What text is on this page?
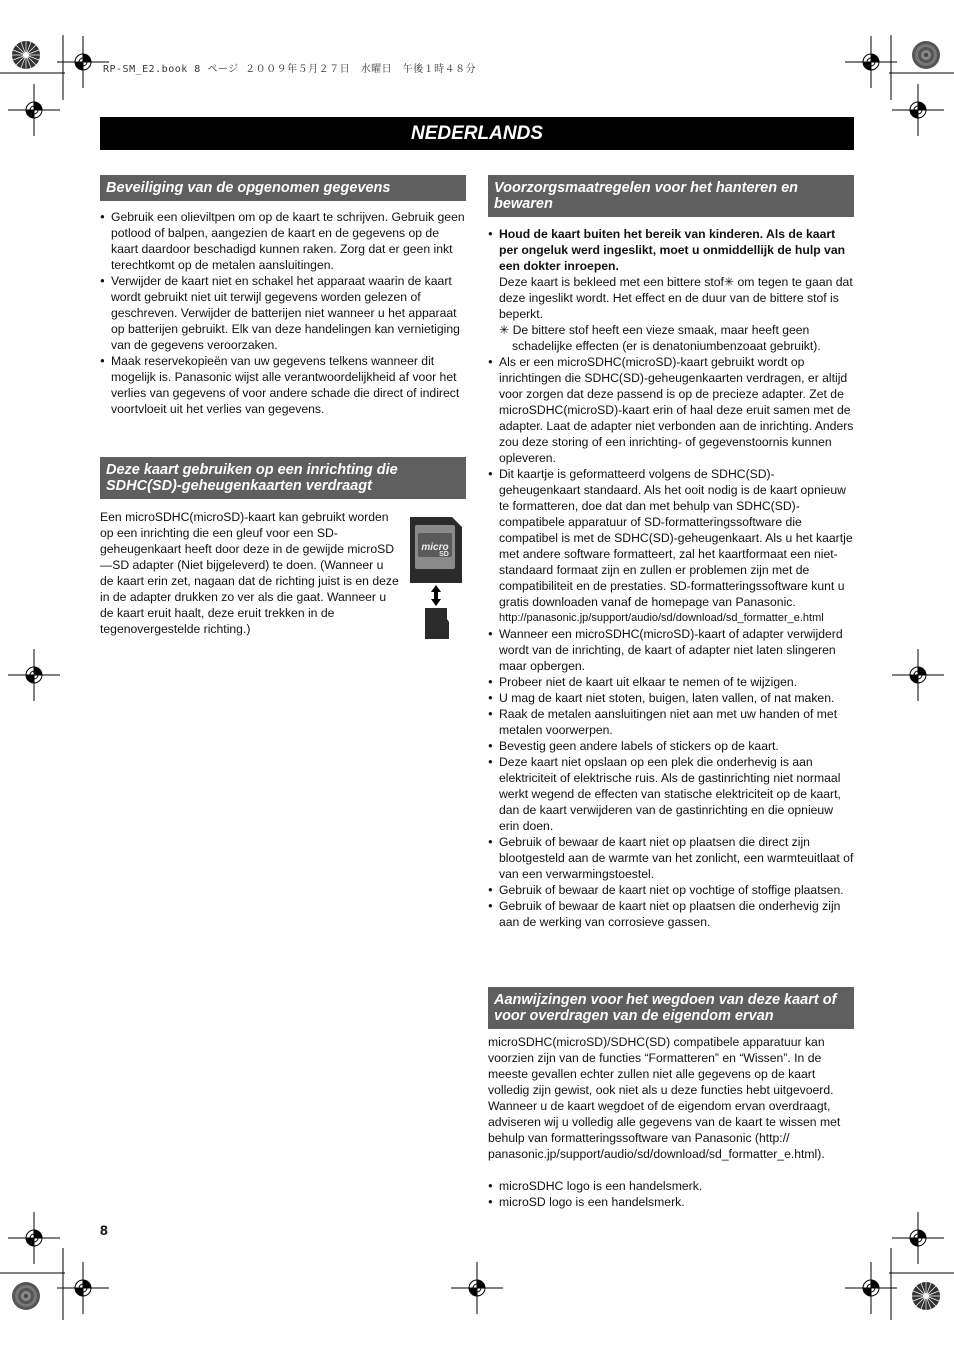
RP-SM_E2.book 8 ページ ２００９年５月２７日　水曜日　午後１時４８分
NEDERLANDS
Beveiliging van de opgenomen gegevens
● Gebruik een olieviltpen om op de kaart te schrijven. Gebruik geen potlood of balpen, aangezien de kaart en de gegevens op de kaart daardoor beschadigd kunnen raken. Zorg dat er geen inkt terechtkomt op de metalen aansluitingen.
● Verwijder de kaart niet en schakel het apparaat waarin de kaart wordt gebruikt niet uit terwijl gegevens worden gelezen of geschreven. Verwijder de batterijen niet wanneer u het apparaat op batterijen gebruikt. Elk van deze handelingen kan vernietiging van de gegevens veroorzaken.
● Maak reservekopieën van uw gegevens telkens wanneer dit mogelijk is. Panasonic wijst alle verantwoordelijkheid af voor het verlies van gegevens of voor andere schade die direct of indirect voortvloeit uit het verlies van gegevens.
Deze kaart gebruiken op een inrichting die SDHC(SD)-geheugenkaarten verdraagt
Een microSDHC(microSD)-kaart kan gebruikt worden op een inrichting die een gleuf voor een SD-geheugenkaart heeft door deze in de gewijde microSD—SD adapter (Niet bijgeleverd) te doen. (Wanneer u de kaart erin zet, nagaan dat de richting juist is en deze in de adapter drukken zo ver als die gaat. Wanneer u de kaart eruit haalt, deze eruit trekken in de tegenovergestelde richting.)
micro
SD
Voorzorgsmaatregelen voor het hanteren en bewaren
● Houd de kaart buiten het bereik van kinderen. Als de kaart per ongeluk werd ingeslikt, moet u onmiddellijk de hulp van een dokter inroepen.
Deze kaart is bekleed met een bittere stof✳ om tegen te gaan dat deze ingeslikt wordt. Het effect en de duur van de bittere stof is beperkt.
✳ De bittere stof heeft een vieze smaak, maar heeft geen schadelijke effecten (er is denatoniumbenzoaat gebruikt).
● Als er een microSDHC(microSD)-kaart gebruikt wordt op inrichtingen die SDHC(SD)-geheugenkaarten verdragen, er altijd voor zorgen dat deze passend is op de precieze adapter. Zet de microSDHC(microSD)-kaart erin of haal deze eruit samen met de adapter. Laat de adapter niet verbonden aan de inrichting. Anders zou deze storing of een inrichting- of gegevenstoornis kunnen opleveren.
● Dit kaartje is geformatteerd volgens de SDHC(SD)-geheugenkaart standaard. Als het ooit nodig is de kaart opnieuw te formatteren, doe dat dan met behulp van SDHC(SD)-compatibele apparatuur of SD-formatteringssoftware die compatibel is met de SDHC(SD)-geheugenkaart. Als u het kaartje met andere software formatteert, zal het kaartformaat een niet-standaard formaat zijn en zullen er problemen zijn met de compatibiliteit en de prestaties. SD-formatteringssoftware kunt u gratis downloaden vanaf de homepage van Panasonic.
http://panasonic.jp/support/audio/sd/download/sd_formatter_e.html
● Wanneer een microSDHC(microSD)-kaart of adapter verwijderd wordt van de inrichting, de kaart of adapter niet laten slingeren maar opbergen.
● Probeer niet de kaart uit elkaar te nemen of te wijzigen.
● U mag de kaart niet stoten, buigen, laten vallen, of nat maken.
● Raak de metalen aansluitingen niet aan met uw handen of met metalen voorwerpen.
● Bevestig geen andere labels of stickers op de kaart.
● Deze kaart niet opslaan op een plek die onderhevig is aan elektriciteit of elektrische ruis. Als de gastinrichting niet normaal werkt wegend de effecten van statische elektriciteit op de kaart, dan de kaart verwijderen van de gastinrichting en die opnieuw erin doen.
● Gebruik of bewaar de kaart niet op plaatsen die direct zijn blootgesteld aan de warmte van het zonlicht, een warmteuitlaat of van een verwarmingstoestel.
● Gebruik of bewaar de kaart niet op vochtige of stoffige plaatsen.
● Gebruik of bewaar de kaart niet op plaatsen die onderhevig zijn aan de werking van corrosieve gassen.
Aanwijzingen voor het wegdoen van deze kaart of voor overdragen van de eigendom ervan
microSDHC(microSD)/SDHC(SD) compatibele apparatuur kan voorzien zijn van de functies “Formatteren” en “Wissen”. In de meeste gevallen echter zullen niet alle gegevens op de kaart volledig zijn gewist, ook niet als u deze functies hebt uitgevoerd. Wanneer u de kaart wegdoet of de eigendom ervan overdraagt, adviseren wij u volledig alle gegevens van de kaart te wissen met behulp van formatteringssoftware van Panasonic (http:// panasonic.jp/support/audio/sd/download/sd_formatter_e.html).
● microSDHC logo is een handelsmerk.
● microSD logo is een handelsmerk.
8
